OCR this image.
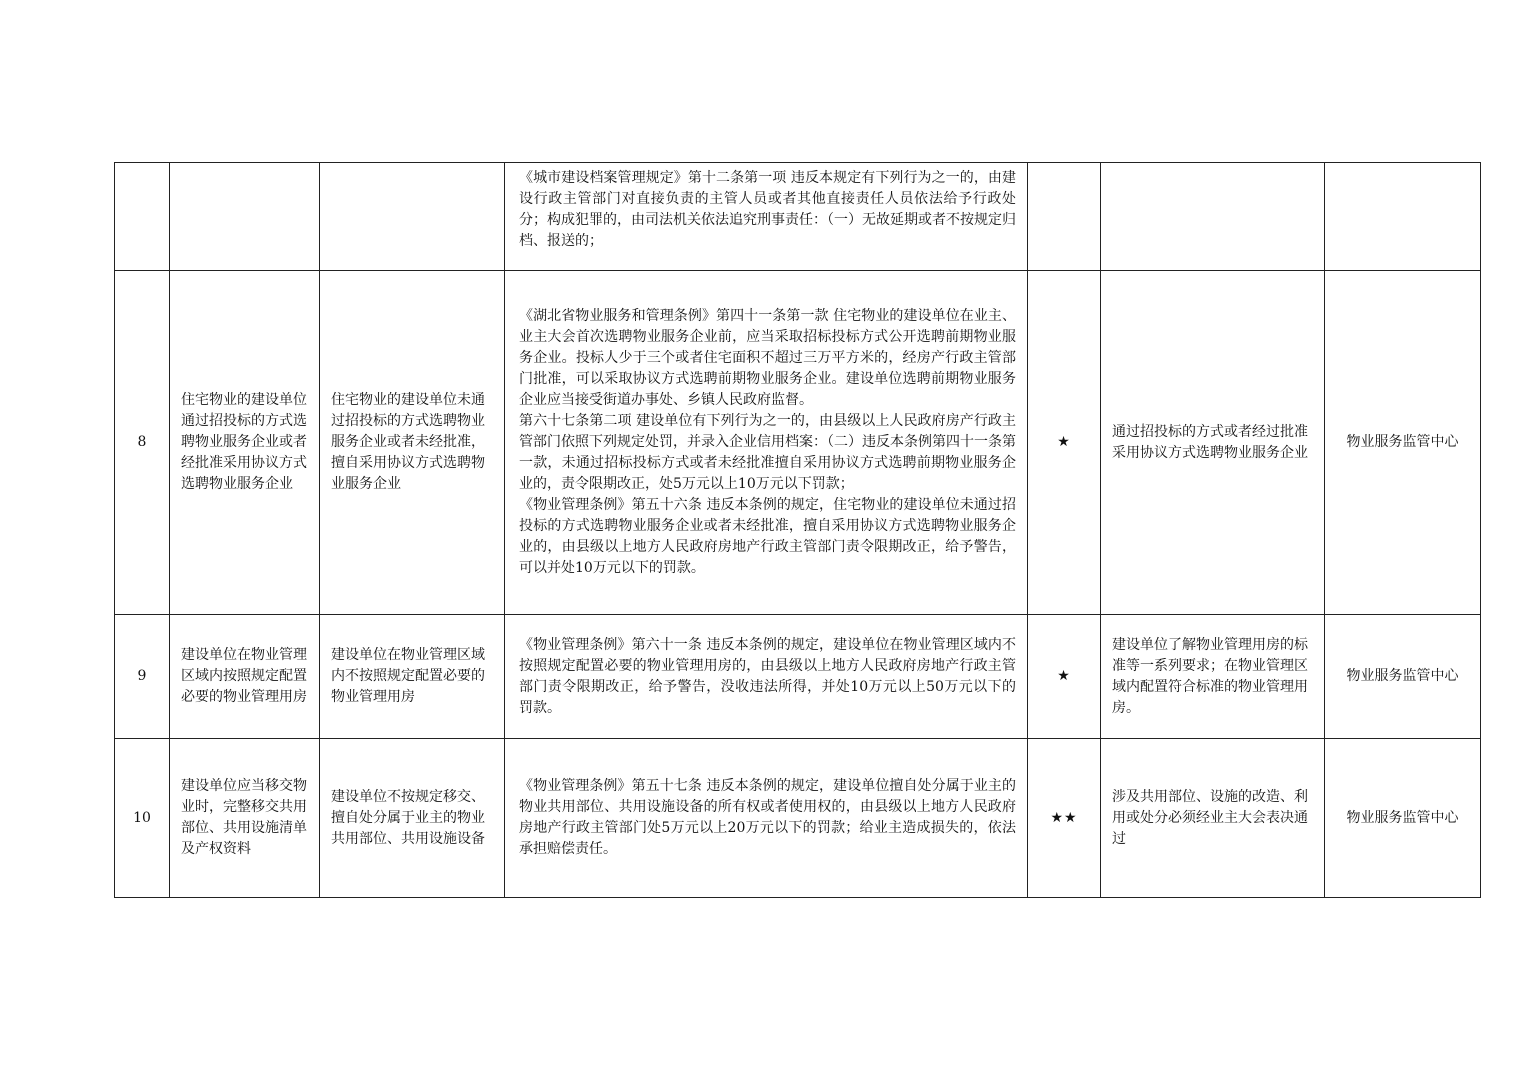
			《城市建设档案管理规定》第十二条第一项 违反本规定有下列行为之一的，由建设行政主管部门对直接负责的主管人员或者其他直接责任人员依法给予行政处分；构成犯罪的，由司法机关依法追究刑事责任：（一）无故延期或者不按规定归档、报送的；			

8	住宅物业的建设单位通过招投标的方式选聘物业服务企业或者经批准采用协议方式选聘物业服务企业	住宅物业的建设单位未通过招投标的方式选聘物业服务企业或者未经批准，擅自采用协议方式选聘物业服务企业	《湖北省物业服务和管理条例》第四十一条第一款 住宅物业的建设单位在业主、业主大会首次选聘物业服务企业前，应当采取招标投标方式公开选聘前期物业服务企业。投标人少于三个或者住宅面积不超过三万平方米的，经房产行政主管部门批准，可以采取协议方式选聘前期物业服务企业。建设单位选聘前期物业服务企业应当接受街道办事处、乡镇人民政府监督。
第六十七条第二项 建设单位有下列行为之一的，由县级以上人民政府房产行政主管部门依照下列规定处罚，并录入企业信用档案：（二）违反本条例第四十一条第一款，未通过招标投标方式或者未经批准擅自采用协议方式选聘前期物业服务企业的，责令限期改正，处5万元以上10万元以下罚款；
《物业管理条例》第五十六条 违反本条例的规定，住宅物业的建设单位未通过招投标的方式选聘物业服务企业或者未经批准，擅自采用协议方式选聘物业服务企业的，由县级以上地方人民政府房地产行政主管部门责令限期改正，给予警告，可以并处10万元以下的罚款。	★	通过招投标的方式或者经过批准采用协议方式选聘物业服务企业	物业服务监管中心

9	建设单位在物业管理区域内按照规定配置必要的物业管理用房	建设单位在物业管理区域内不按照规定配置必要的物业管理用房	《物业管理条例》第六十一条 违反本条例的规定，建设单位在物业管理区域内不按照规定配置必要的物业管理用房的，由县级以上地方人民政府房地产行政主管部门责令限期改正，给予警告，没收违法所得，并处10万元以上50万元以下的罚款。	★	建设单位了解物业管理用房的标准等一系列要求；在物业管理区域内配置符合标准的物业管理用房。	物业服务监管中心

10	建设单位应当移交物业时，完整移交共用部位、共用设施清单及产权资料	建设单位不按规定移交、擅自处分属于业主的物业共用部位、共用设施设备	《物业管理条例》第五十七条 违反本条例的规定，建设单位擅自处分属于业主的物业共用部位、共用设施设备的所有权或者使用权的，由县级以上地方人民政府房地产行政主管部门处5万元以上20万元以下的罚款；给业主造成损失的，依法承担赔偿责任。	★★	涉及共用部位、设施的改造、利用或处分必须经业主大会表决通过	物业服务监管中心
